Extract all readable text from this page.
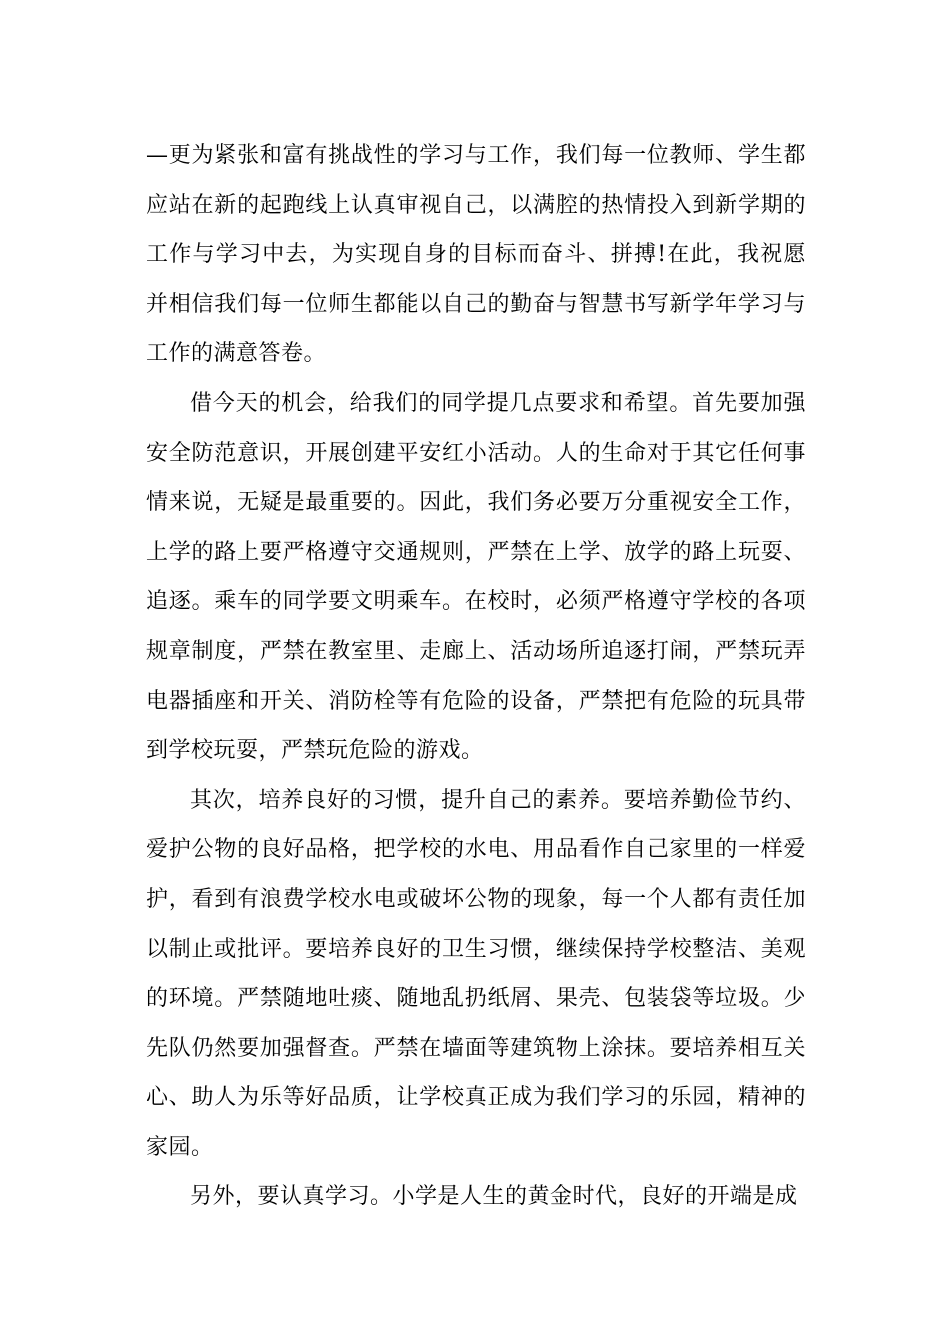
—更为紧张和富有挑战性的学习与工作，我们每一位教师、学生都应站在新的起跑线上认真审视自己，以满腔的热情投入到新学期的工作与学习中去，为实现自身的目标而奋斗、拼搏!在此，我祝愿并相信我们每一位师生都能以自己的勤奋与智慧书写新学年学习与工作的满意答卷。

借今天的机会，给我们的同学提几点要求和希望。首先要加强安全防范意识，开展创建平安红小活动。人的生命对于其它任何事情来说，无疑是最重要的。因此，我们务必要万分重视安全工作，上学的路上要严格遵守交通规则，严禁在上学、放学的路上玩耍、追逐。乘车的同学要文明乘车。在校时，必须严格遵守学校的各项规章制度，严禁在教室里、走廊上、活动场所追逐打闹，严禁玩弄电器插座和开关、消防栓等有危险的设备，严禁把有危险的玩具带到学校玩耍，严禁玩危险的游戏。

其次，培养良好的习惯，提升自己的素养。要培养勤俭节约、爱护公物的良好品格，把学校的水电、用品看作自己家里的一样爱护，看到有浪费学校水电或破坏公物的现象，每一个人都有责任加以制止或批评。要培养良好的卫生习惯，继续保持学校整洁、美观的环境。严禁随地吐痰、随地乱扔纸屑、果壳、包装袋等垃圾。少先队仍然要加强督查。严禁在墙面等建筑物上涂抹。要培养相互关心、助人为乐等好品质，让学校真正成为我们学习的乐园，精神的家园。

另外，要认真学习。小学是人生的黄金时代，良好的开端是成
